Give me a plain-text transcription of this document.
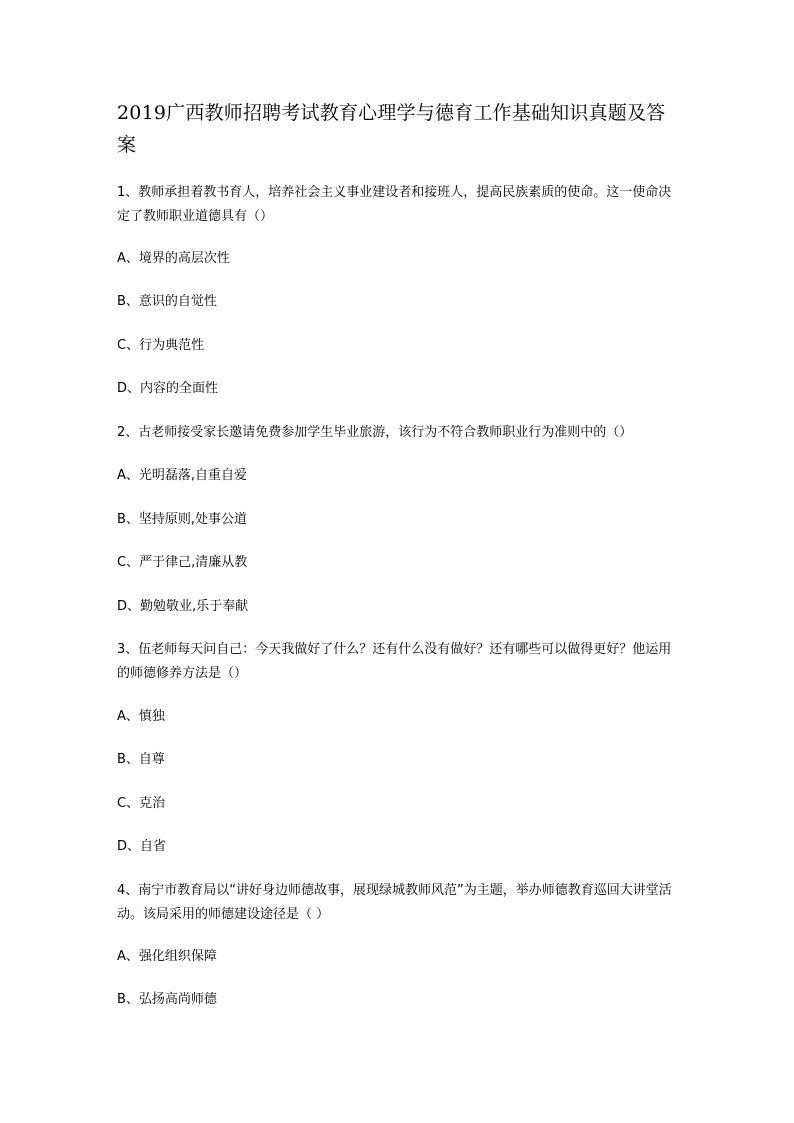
2019广西教师招聘考试教育心理学与德育工作基础知识真题及答案
1、教师承担着教书育人，培养社会主义事业建设者和接班人，提高民族素质的使命。这一使命决定了教师职业道德具有（）
A、境界的高层次性
B、意识的自觉性
C、行为典范性
D、内容的全面性
2、古老师接受家长邀请免费参加学生毕业旅游，该行为不符合教师职业行为准则中的（）
A、光明磊落,自重自爱
B、坚持原则,处事公道
C、严于律己,清廉从教
D、勤勉敬业,乐于奉献
3、伍老师每天问自己：今天我做好了什么？还有什么没有做好？还有哪些可以做得更好？他运用的师德修养方法是（）
A、慎独
B、自尊
C、克治
D、自省
4、南宁市教育局以“讲好身边师德故事，展现绿城教师风范”为主题，举办师德教育巡回大讲堂活动。该局采用的师德建设途径是（ ）
A、强化组织保障
B、弘扬高尚师德
